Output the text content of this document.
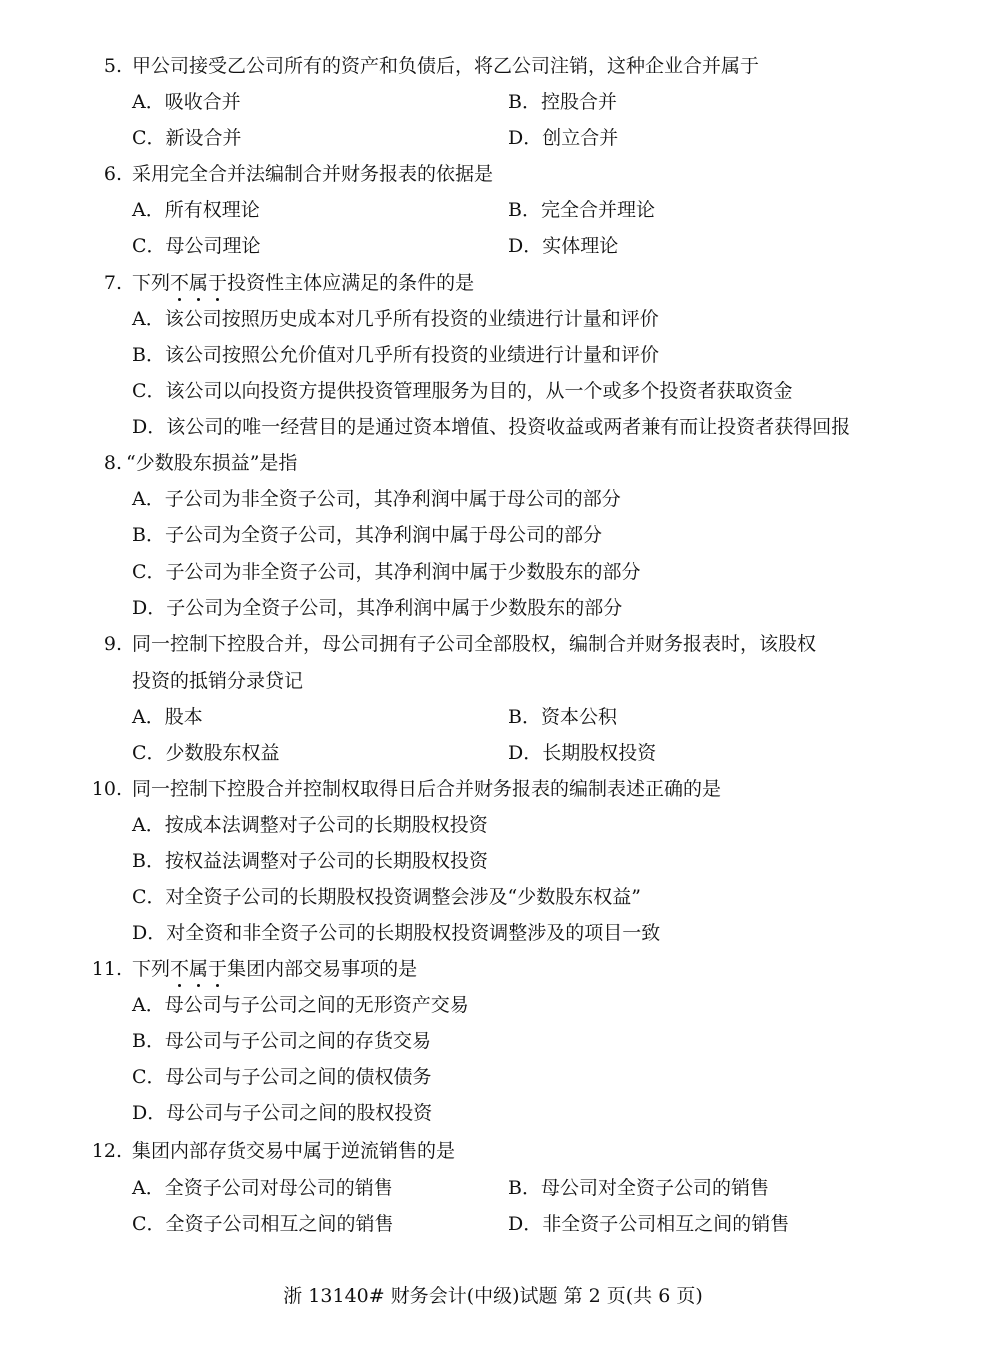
5. 甲公司接受乙公司所有的资产和负债后，将乙公司注销，这种企业合并属于
A．吸收合并	B．控股合并
C．新设合并	D．创立合并
6. 采用完全合并法编制合并财务报表的依据是
A．所有权理论	B．完全合并理论
C．母公司理论	D．实体理论
7. 下列不属于投资性主体应满足的条件的是
A．该公司按照历史成本对几乎所有投资的业绩进行计量和评价
B．该公司按照公允价值对几乎所有投资的业绩进行计量和评价
C．该公司以向投资方提供投资管理服务为目的，从一个或多个投资者获取资金
D．该公司的唯一经营目的是通过资本增值、投资收益或两者兼有而让投资者获得回报
8. “少数股东损益”是指
A．子公司为非全资子公司，其净利润中属于母公司的部分
B．子公司为全资子公司，其净利润中属于母公司的部分
C．子公司为非全资子公司，其净利润中属于少数股东的部分
D．子公司为全资子公司，其净利润中属于少数股东的部分
9. 同一控制下控股合并，母公司拥有子公司全部股权，编制合并财务报表时，该股权
投资的抵销分录贷记
A．股本	B．资本公积
C．少数股东权益	D．长期股权投资
10. 同一控制下控股合并控制权取得日后合并财务报表的编制表述正确的是
A．按成本法调整对子公司的长期股权投资
B．按权益法调整对子公司的长期股权投资
C．对全资子公司的长期股权投资调整会涉及“少数股东权益”
D．对全资和非全资子公司的长期股权投资调整涉及的项目一致
11. 下列不属于集团内部交易事项的是
A．母公司与子公司之间的无形资产交易
B．母公司与子公司之间的存货交易
C．母公司与子公司之间的债权债务
D．母公司与子公司之间的股权投资
12. 集团内部存货交易中属于逆流销售的是
A．全资子公司对母公司的销售	B．母公司对全资子公司的销售
C．全资子公司相互之间的销售	D．非全资子公司相互之间的销售
浙 13140# 财务会计(中级)试题 第 2 页(共 6 页)
